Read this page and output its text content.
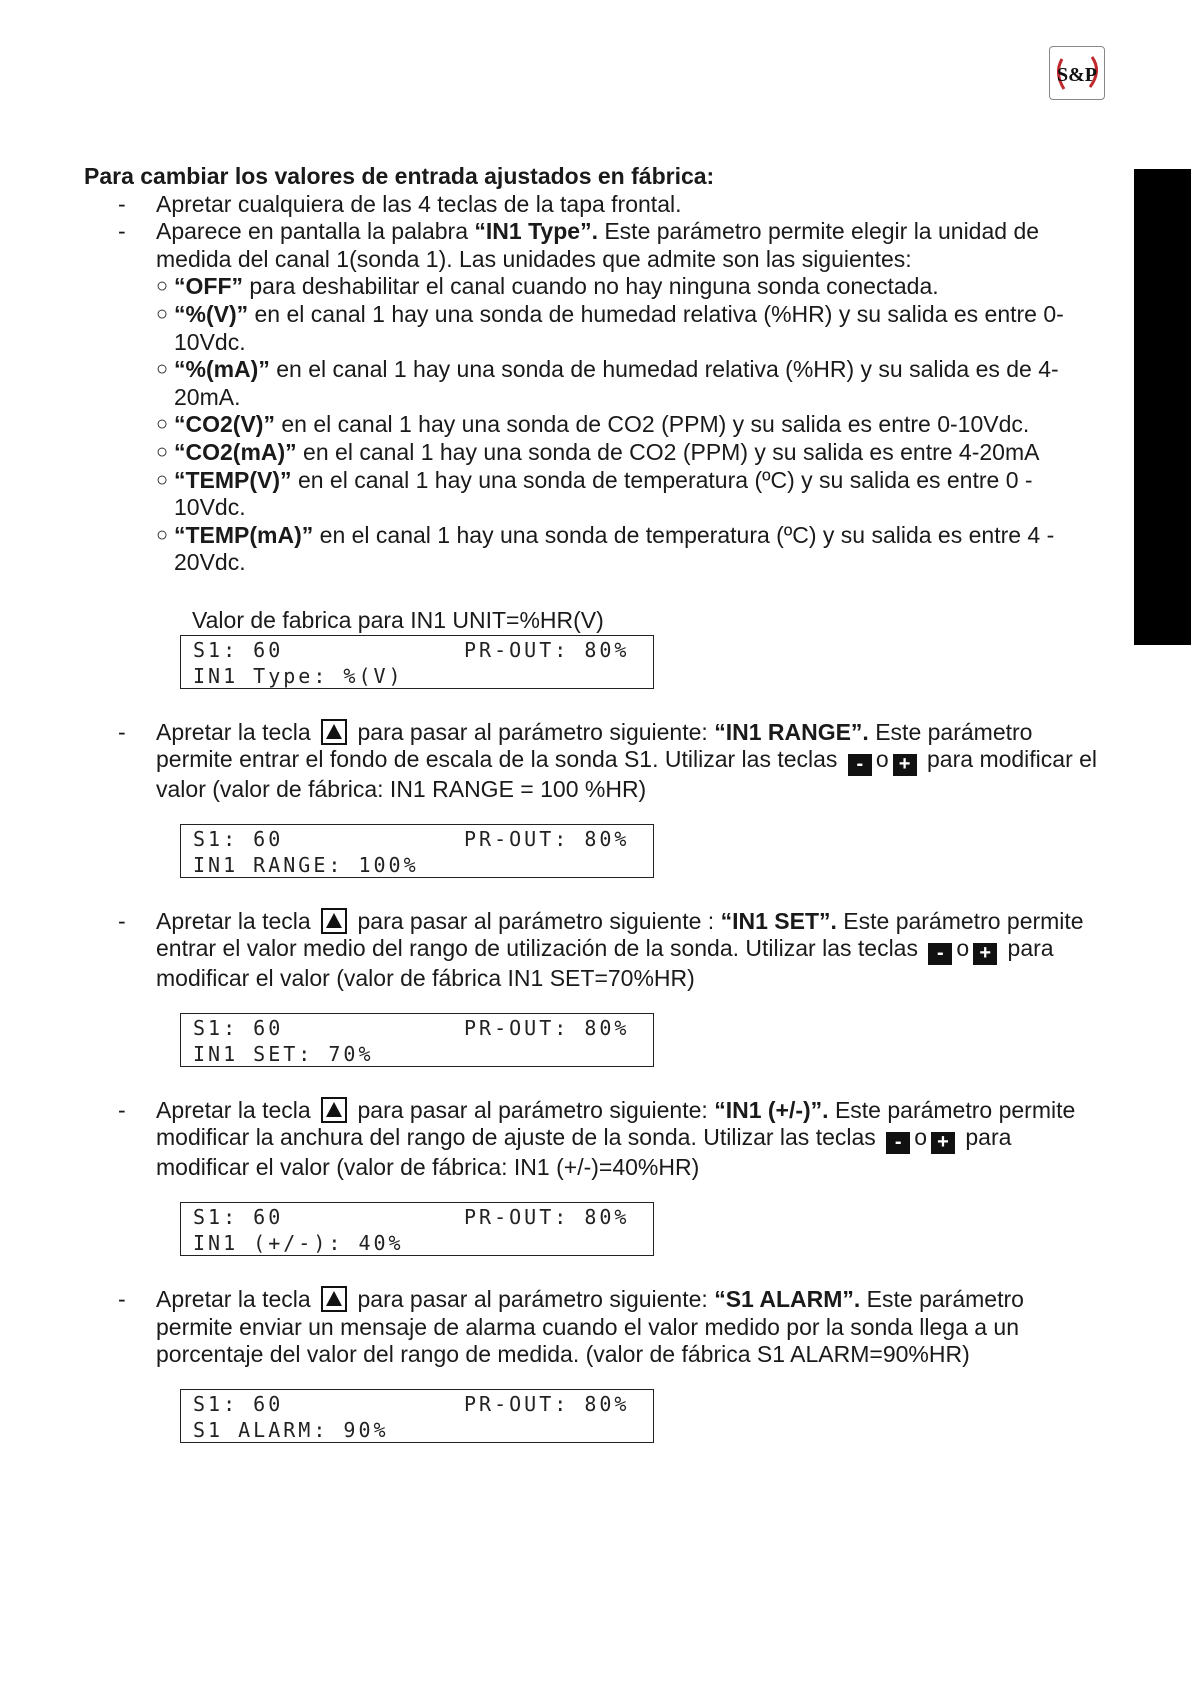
S&P
Para cambiar los valores de entrada ajustados en fábrica:
- Apretar cualquiera de las 4 teclas de la tapa frontal.
- Aparece en pantalla la palabra “IN1 Type”. Este parámetro permite elegir la unidad de medida del canal 1(sonda 1). Las unidades que admite son las siguientes:
○ “OFF” para deshabilitar el canal cuando no hay ninguna sonda conectada.
○ “%(V)” en el canal 1 hay una sonda de humedad relativa (%HR) y su salida es entre 0-10Vdc.
○ “%(mA)” en el canal 1 hay una sonda de humedad relativa (%HR) y su salida es de 4-20mA.
○ “CO2(V)” en el canal 1 hay una sonda de CO2 (PPM) y su salida es entre 0-10Vdc.
○ “CO2(mA)” en el canal 1 hay una sonda de CO2 (PPM) y su salida es entre 4-20mA
○ “TEMP(V)” en el canal 1 hay una sonda de temperatura (ºC) y su salida es entre 0 - 10Vdc.
○ “TEMP(mA)” en el canal 1 hay una sonda de temperatura (ºC) y su salida es entre 4 - 20Vdc.
Valor de fabrica para IN1 UNIT=%HR(V)
S1: 60	PR-OUT: 80%
IN1 Type: %(V)
- Apretar la tecla  para pasar al parámetro siguiente: “IN1 RANGE”. Este parámetro permite entrar el fondo de escala de la sonda S1. Utilizar las teclas - o + para modificar el valor (valor de fábrica: IN1 RANGE = 100 %HR)
S1: 60	PR-OUT: 80%
IN1 RANGE: 100%
- Apretar la tecla  para pasar al parámetro siguiente : “IN1 SET”. Este parámetro permite entrar el valor medio del rango de utilización de la sonda. Utilizar las teclas - o + para modificar el valor (valor de fábrica IN1 SET=70%HR)
S1: 60	PR-OUT: 80%
IN1 SET: 70%
- Apretar la tecla  para pasar al parámetro siguiente: “IN1 (+/-)”. Este parámetro permite modificar la anchura del rango de ajuste de la sonda. Utilizar las teclas - o + para modificar el valor (valor de fábrica: IN1 (+/-)=40%HR)
S1: 60	PR-OUT: 80%
IN1 (+/-): 40%
- Apretar la tecla  para pasar al parámetro siguiente: “S1 ALARM”. Este parámetro permite enviar un mensaje de alarma cuando el valor medido por la sonda llega a un porcentaje del valor del rango de medida. (valor de fábrica S1 ALARM=90%HR)
S1: 60	PR-OUT: 80%
S1 ALARM: 90%
